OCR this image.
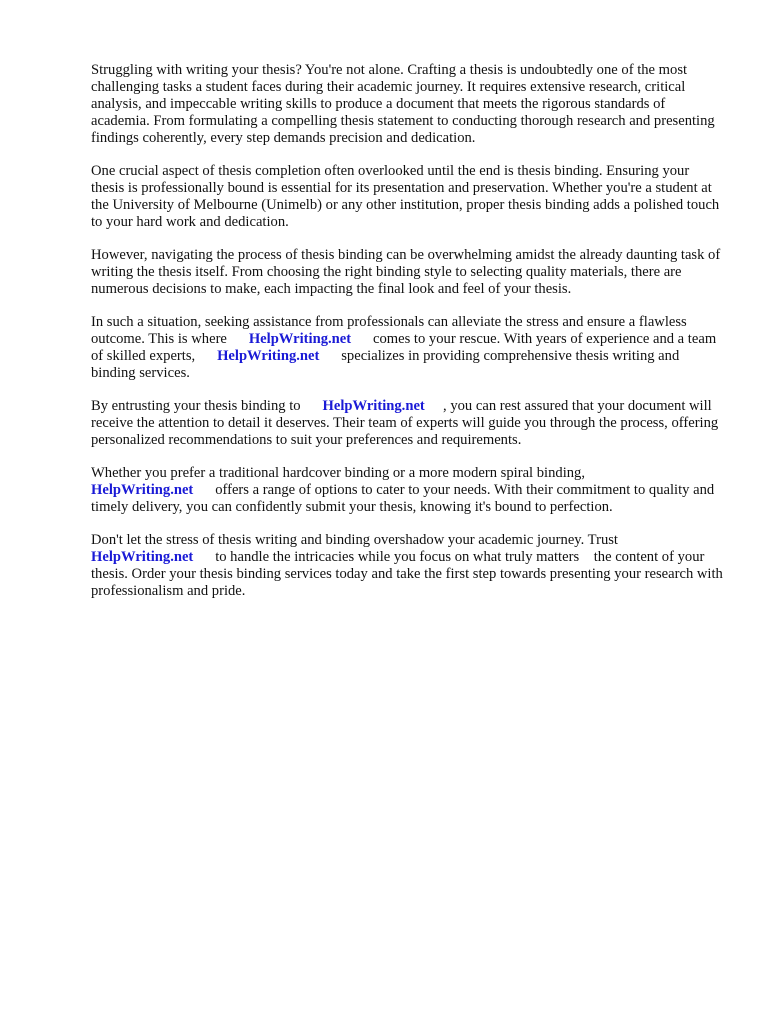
Struggling with writing your thesis? You're not alone. Crafting a thesis is undoubtedly one of the most challenging tasks a student faces during their academic journey. It requires extensive research, critical analysis, and impeccable writing skills to produce a document that meets the rigorous standards of academia. From formulating a compelling thesis statement to conducting thorough research and presenting findings coherently, every step demands precision and dedication.

One crucial aspect of thesis completion often overlooked until the end is thesis binding. Ensuring your thesis is professionally bound is essential for its presentation and preservation. Whether you're a student at the University of Melbourne (Unimelb) or any other institution, proper thesis binding adds a polished touch to your hard work and dedication.

However, navigating the process of thesis binding can be overwhelming amidst the already daunting task of writing the thesis itself. From choosing the right binding style to selecting quality materials, there are numerous decisions to make, each impacting the final look and feel of your thesis.

In such a situation, seeking assistance from professionals can alleviate the stress and ensure a flawless outcome. This is where      HelpWriting.net      comes to your rescue. With years of experience and a team of skilled experts,      HelpWriting.net      specializes in providing comprehensive thesis writing and binding services.

By entrusting your thesis binding to      HelpWriting.net     , you can rest assured that your document will receive the attention to detail it deserves. Their team of experts will guide you through the process, offering personalized recommendations to suit your preferences and requirements.

Whether you prefer a traditional hardcover binding or a more modern spiral binding, HelpWriting.net      offers a range of options to cater to your needs. With their commitment to quality and timely delivery, you can confidently submit your thesis, knowing it's bound to perfection.

Don't let the stress of thesis writing and binding overshadow your academic journey. Trust HelpWriting.net      to handle the intricacies while you focus on what truly matters    the content of your thesis. Order your thesis binding services today and take the first step towards presenting your research with professionalism and pride.
